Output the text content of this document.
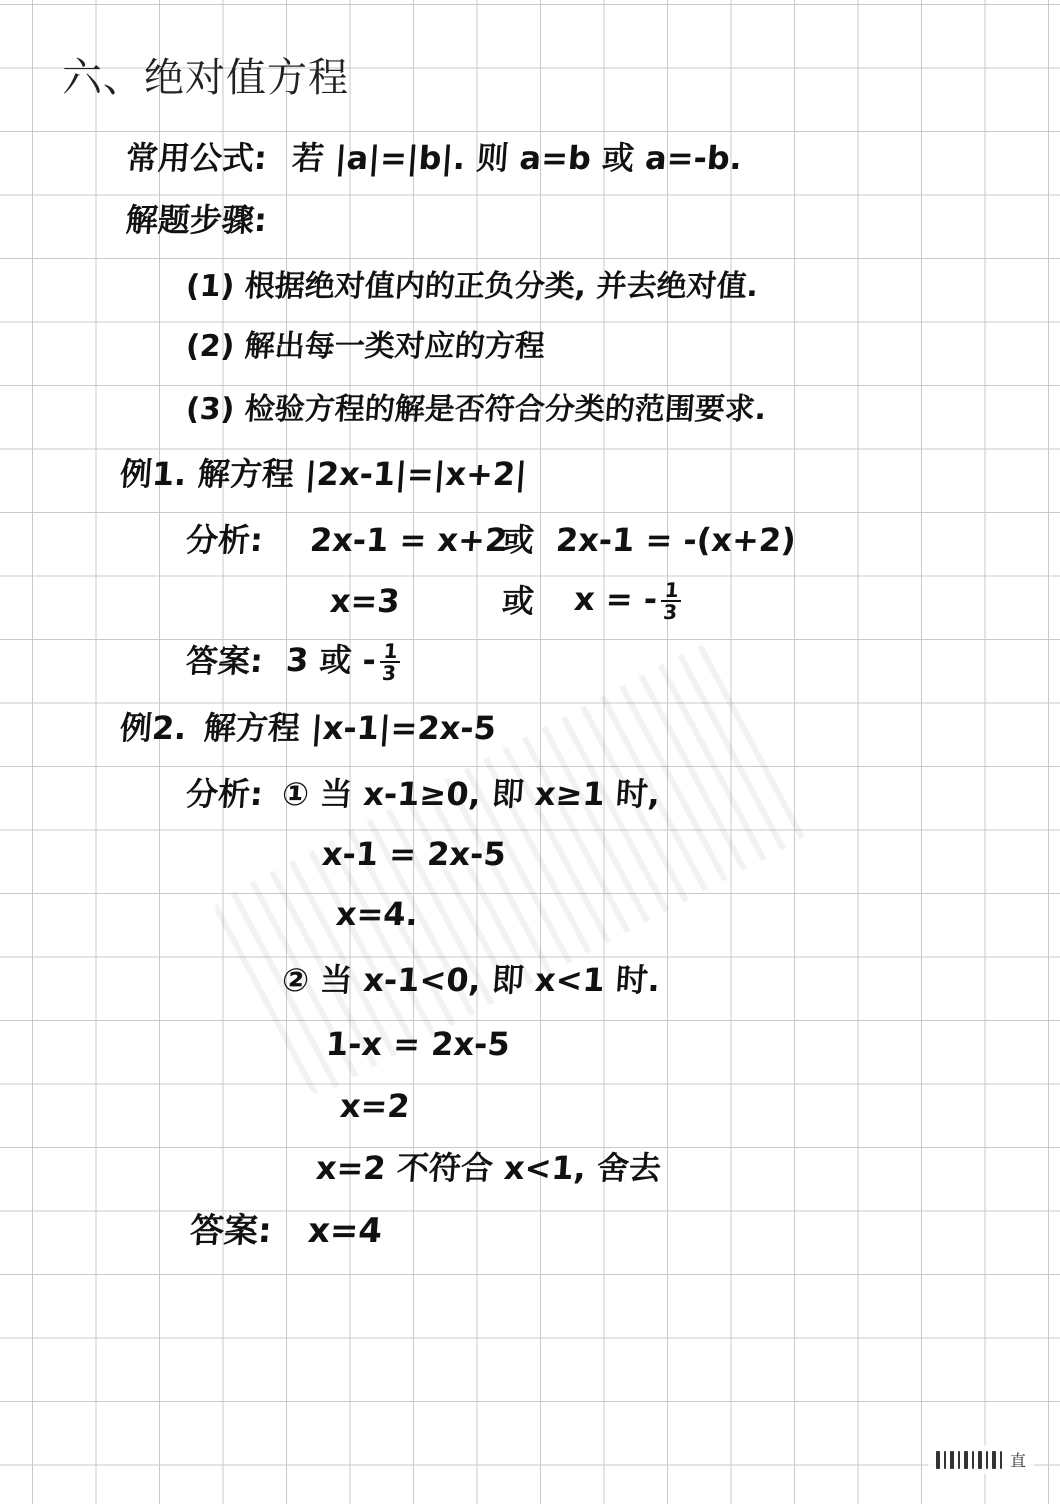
六、绝对值方程
常用公式: 若 |a|=|b|. 则 a=b 或 a=-b.
解题步骤:
(1) 根据绝对值内的正负分类, 并去绝对值.
(2) 解出每一类对应的方程
(3) 检验方程的解是否符合分类的范围要求.
例1. 解方程 |2x-1|=|x+2|
分析: 2x-1 = x+2
或 2x-1 = -(x+2)
x=3	或 x = - $\frac{1}{3}$
答案: 3 或 - $\frac{1}{3}$
例2. 解方程 |x-1|=2x-5
分析: ① 当 x-1≥0, 即 x≥1 时,
x-1 = 2x-5
x=4.
② 当 x-1<0, 即 x<1 时.
1-x = 2x-5
x=2
x=2 不符合 x<1, 舍去
答案: x=4
直
